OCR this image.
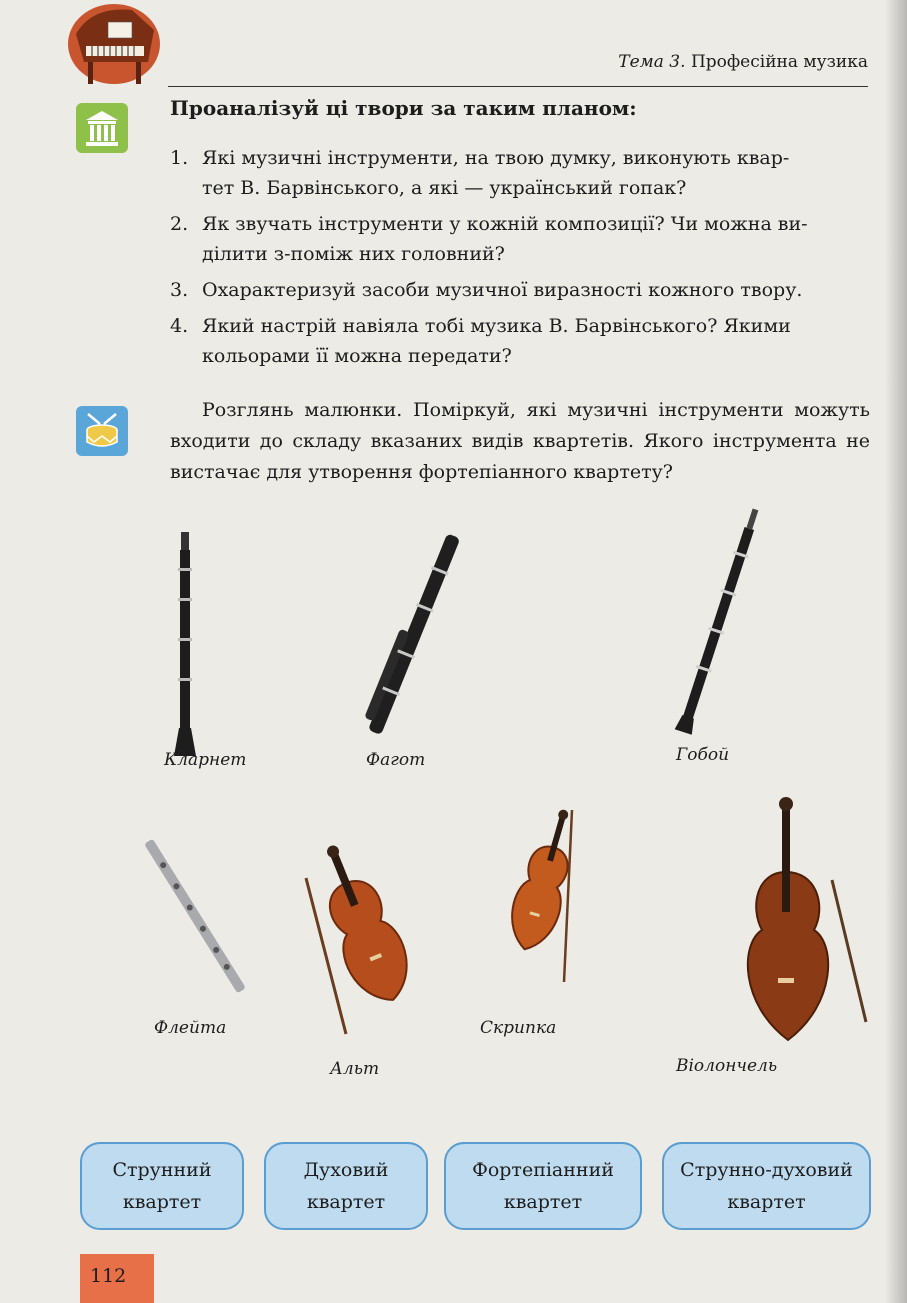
Тема 3. Професійна музика
Проаналізуй ці твори за таким планом:
1. Які музичні інструменти, на твою думку, виконують квар-
тет В. Барвінського, а які — український гопак?
2. Як звучать інструменти у кожній композиції? Чи можна ви-
ділити з-поміж них головний?
3. Охарактеризуй засоби музичної виразності кожного твору.
4. Який настрій навіяла тобі музика В. Барвінського? Якими
кольорами її можна передати?
Розглянь малюнки. Поміркуй, які музичні інструменти можуть входити до складу вказаних видів квартетів. Якого інструмента не вистачає для утворення фортепіанного квартету?
Кларнет	Фагот	Гобой
Флейта
Альт
Скрипка
Віолончель
Струнний
квартет
Духовий
квартет
Фортепіанний
квартет
Струнно-духовий
квартет
112
